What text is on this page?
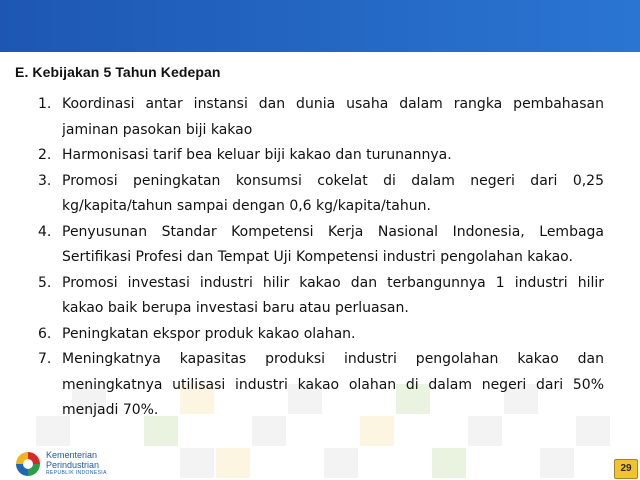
E. Kebijakan 5 Tahun Kedepan
1. Koordinasi antar instansi dan dunia usaha dalam rangka pembahasan
jaminan pasokan biji kakao
2. Harmonisasi tarif bea keluar biji kakao dan turunannya.
3. Promosi peningkatan konsumsi cokelat di dalam negeri dari 0,25
kg/kapita/tahun sampai dengan 0,6 kg/kapita/tahun.
4. Penyusunan Standar Kompetensi Kerja Nasional Indonesia, Lembaga
Sertifikasi Profesi dan Tempat Uji Kompetensi industri pengolahan kakao.
5. Promosi investasi industri hilir kakao dan terbangunnya 1 industri hilir
kakao baik berupa investasi baru atau perluasan.
6. Peningkatan ekspor produk kakao olahan.
7. Meningkatnya kapasitas produksi industri pengolahan kakao dan
meningkatnya utilisasi industri kakao olahan di dalam negeri dari 50%
menjadi 70%.
Kementerian
Perindustrian
REPUBLIK INDONESIA	29
